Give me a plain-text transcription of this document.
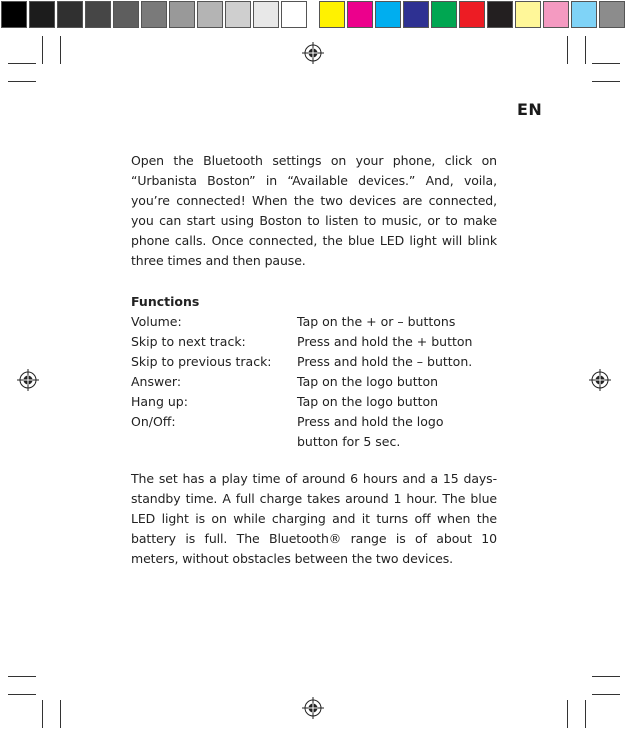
EN
Open the Bluetooth settings on your phone, click on “Urbanista Boston” in “Available devices.” And, voila, you’re connected! When the two devices are connected, you can start using Boston to listen to music, or to make phone calls. Once connected, the blue LED light will blink three times and then pause.
Functions
Volume:	Tap on the + or – buttons
Skip to next track:	Press and hold the + button
Skip to previous track: Press and hold the – button.
Answer:	Tap on the logo button
Hang up:	Tap on the logo button
On/Off:	Press and hold the logo button for 5 sec.
The set has a play time of around 6 hours and a 15 days-standby time. A full charge takes around 1 hour. The blue LED light is on while charging and it turns off when the battery is full. The Bluetooth® range is of about 10 meters, without obstacles between the two devices.
